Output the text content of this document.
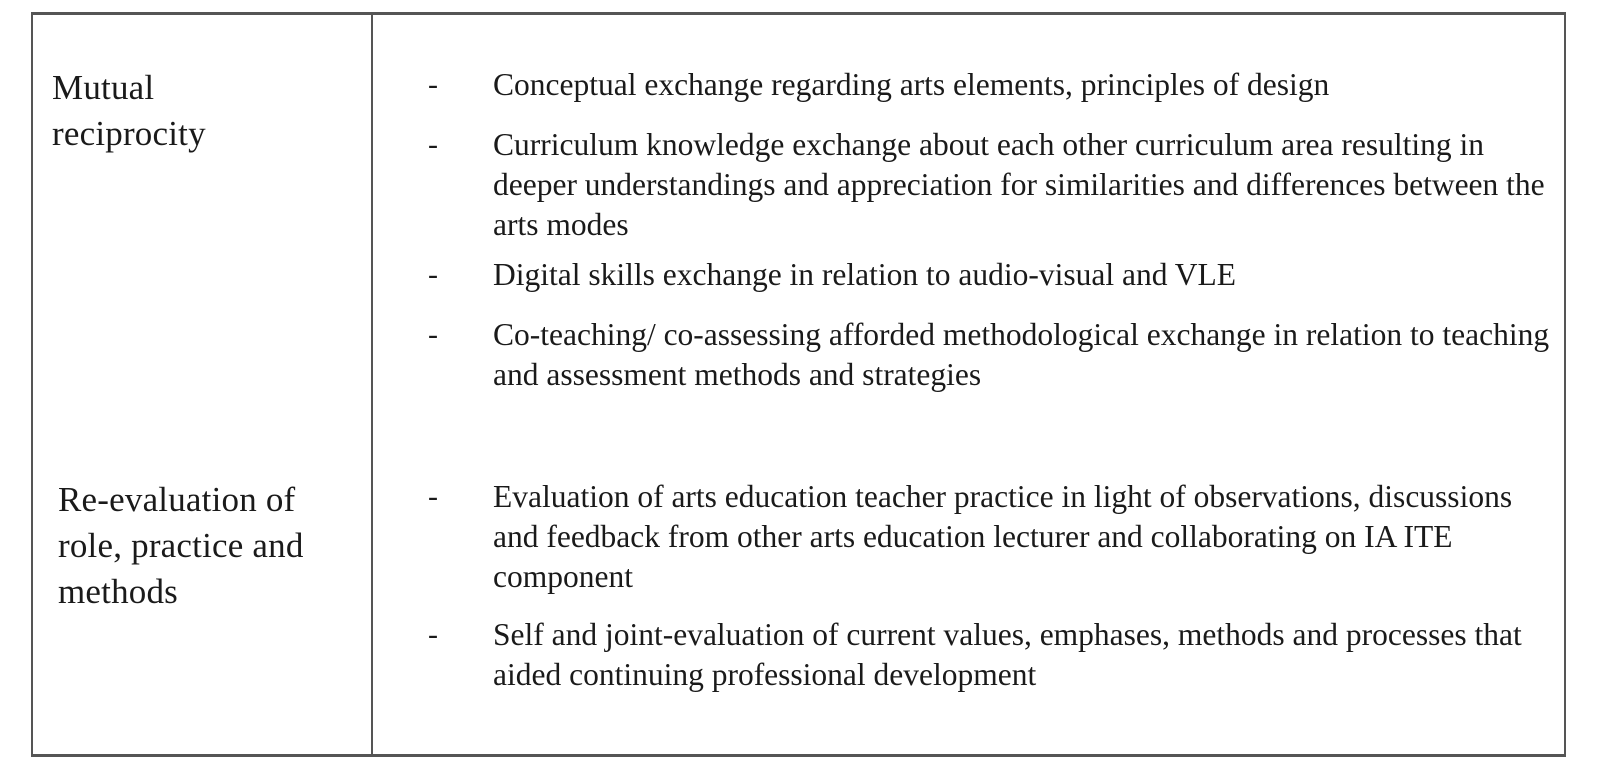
Mutual reciprocity
- Conceptual exchange regarding arts elements, principles of design
- Curriculum knowledge exchange about each other curriculum area resulting in deeper understandings and appreciation for similarities and differences between the arts modes
- Digital skills exchange in relation to audio-visual and VLE
- Co-teaching/ co-assessing afforded methodological exchange in relation to teaching and assessment methods and strategies
Re-evaluation of role, practice and methods
- Evaluation of arts education teacher practice in light of observations, discussions and feedback from other arts education lecturer and collaborating on IA ITE component
- Self and joint-evaluation of current values, emphases, methods and processes that aided continuing professional development
